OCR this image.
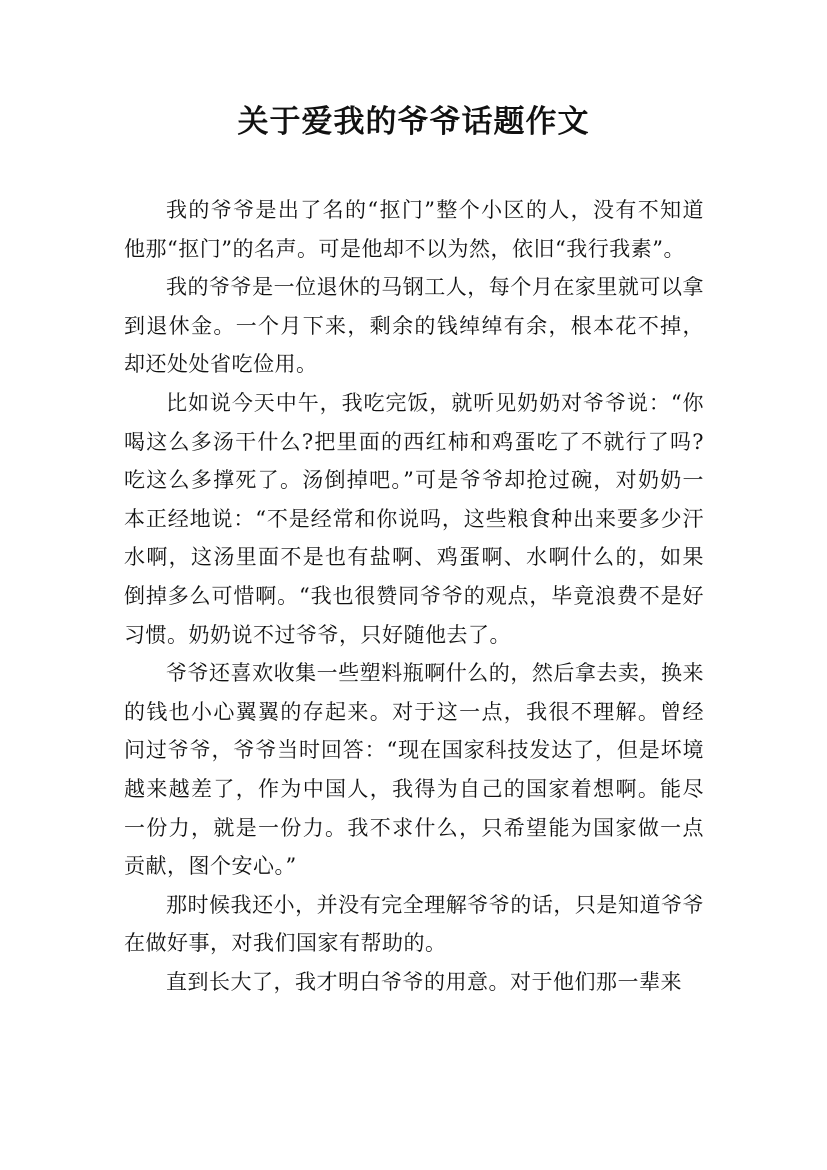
关于爱我的爷爷话题作文

我的爷爷是出了名的“抠门”整个小区的人，没有不知道他那“抠门”的名声。可是他却不以为然，依旧“我行我素”。

我的爷爷是一位退休的马钢工人，每个月在家里就可以拿到退休金。一个月下来，剩余的钱绰绰有余，根本花不掉，却还处处省吃俭用。

比如说今天中午，我吃完饭，就听见奶奶对爷爷说：“你喝这么多汤干什么?把里面的西红柿和鸡蛋吃了不就行了吗?吃这么多撑死了。汤倒掉吧。”可是爷爷却抢过碗，对奶奶一本正经地说：“不是经常和你说吗，这些粮食种出来要多少汗水啊，这汤里面不是也有盐啊、鸡蛋啊、水啊什么的，如果倒掉多么可惜啊。“我也很赞同爷爷的观点，毕竟浪费不是好习惯。奶奶说不过爷爷，只好随他去了。

爷爷还喜欢收集一些塑料瓶啊什么的，然后拿去卖，换来的钱也小心翼翼的存起来。对于这一点，我很不理解。曾经问过爷爷，爷爷当时回答：“现在国家科技发达了，但是坏境越来越差了，作为中国人，我得为自己的国家着想啊。能尽一份力，就是一份力。我不求什么，只希望能为国家做一点贡献，图个安心。”

那时候我还小，并没有完全理解爷爷的话，只是知道爷爷在做好事，对我们国家有帮助的。

直到长大了，我才明白爷爷的用意。对于他们那一辈来
